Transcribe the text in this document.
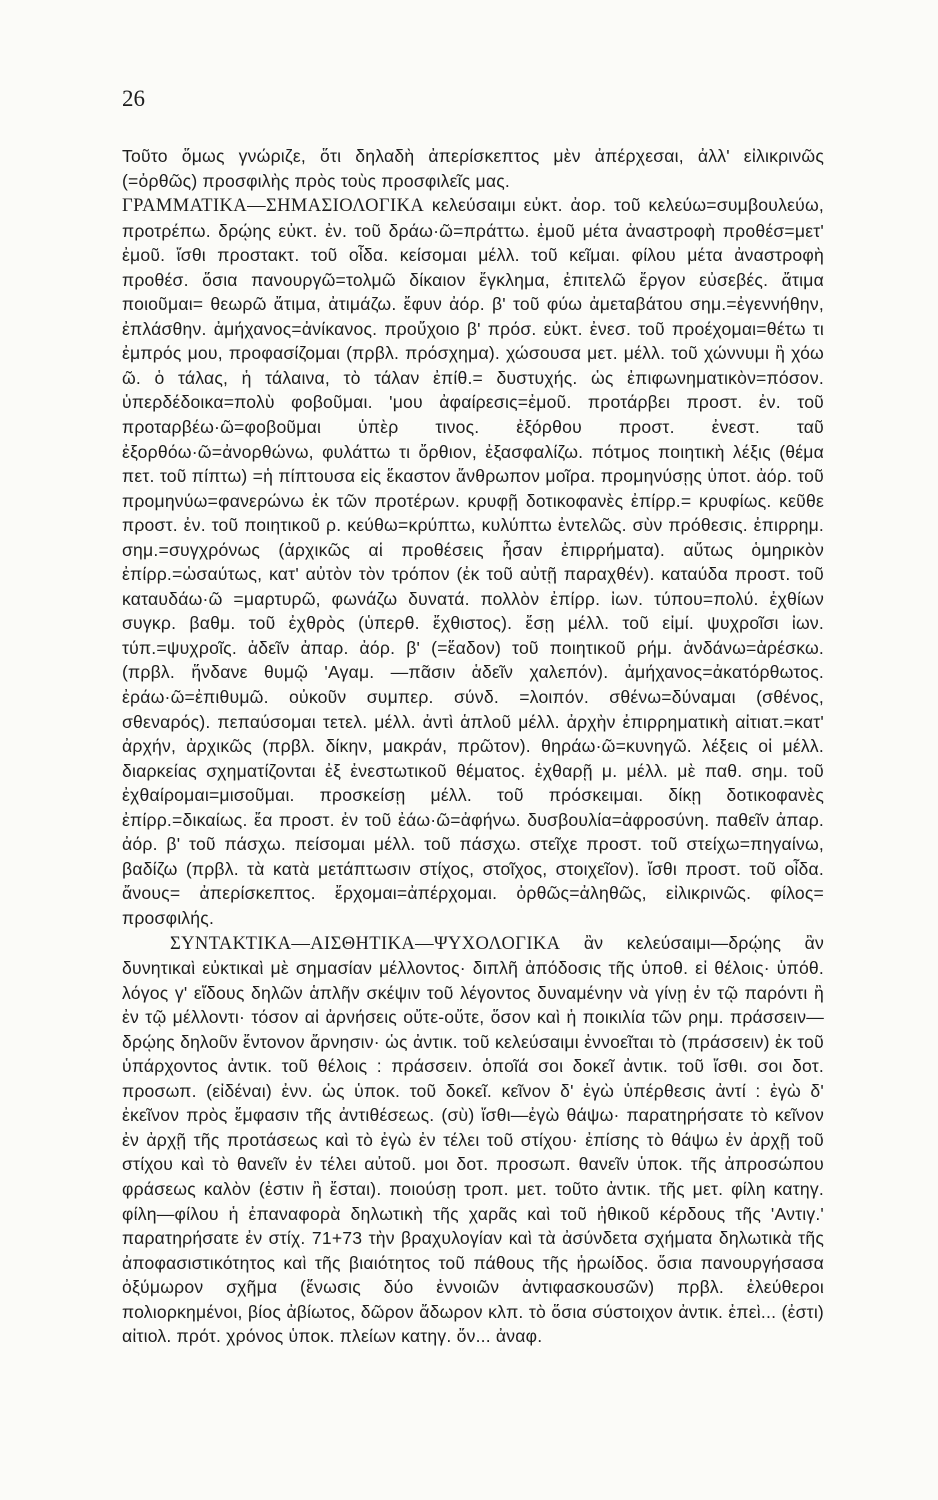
26

Τοῦτο ὅμως γνώριζε, ὅτι δηλαδὴ ἀπερίσκεπτος μὲν ἀπέρχεσαι, ἀλλ' εἰλικρινῶς (=ὀρθῶς) προσφιλὴς πρὸς τοὺς προσφιλεῖς μας.
ΓΡΑΜΜΑΤΙΚΑ—ΣΗΜΑΣΙΟΛΟΓΙΚΑ κελεύσαιμι εὐκτ. ἀορ. τοῦ κελεύω=συμβουλεύω, προτρέπω. δρῴης εὐκτ. ἐν. τοῦ δράω·ῶ=πράττω. ἐμοῦ μέτα ἀναστροφὴ προθέσ=μετ' ἐμοῦ. ἴσθι προστακτ. τοῦ οἶδα. κείσομαι μέλλ. τοῦ κεῖμαι. φίλου μέτα ἀναστροφὴ προθέσ. ὅσια πανουργῶ=τολμῶ δίκαιον ἔγκλημα, ἐπιτελῶ ἔργον εὐσεβές. ἄτιμα ποιοῦμαι= θεωρῶ ἄτιμα, ἀτιμάζω. ἔφυν ἀόρ. β' τοῦ φύω ἀμεταβάτου σημ.=ἐγεννήθην, ἐπλάσθην. ἀμήχανος=ἀνίκανος. προὔχοιο β' πρόσ. εὐκτ. ἐνεσ. τοῦ προέχομαι=θέτω τι ἐμπρός μου, προφασίζομαι (πρβλ. πρόσχημα). χώσουσα μετ. μέλλ. τοῦ χώννυμι ἢ χόω ῶ. ὁ τάλας, ἡ τάλαινα, τὸ τάλαν ἐπίθ.= δυστυχής. ὡς ἐπιφωνηματικὸν=πόσον. ὑπερδέδοικα=πολὺ φοβοῦμαι. 'μου ἀφαίρεσις=ἐμοῦ. προτάρβει προστ. ἐν. τοῦ προταρβέω·ῶ=φοβοῦμαι ὑπὲρ τινος. ἐξόρθου προστ. ἐνεστ. ταῦ ἐξορθόω·ῶ=ἀνορθώνω, φυλάττω τι ὄρθιον, ἐξασφαλίζω. πότμος ποιητικὴ λέξις (θέμα πετ. τοῦ πίπτω) =ἡ πίπτουσα εἰς ἕκαστον ἄνθρωπον μοῖρα. προμηνύσῃς ὑποτ. ἀόρ. τοῦ προμηνύω=φανερώνω ἐκ τῶν προτέρων. κρυφῇ δοτικοφανὲς ἐπίρρ.= κρυφίως. κεῦθε προστ. ἐν. τοῦ ποιητικοῦ ρ. κεύθω=κρύπτω, κυλύπτω ἐντελῶς. σὺν πρόθεσις. ἐπιρρημ. σημ.=συγχρόνως (ἀρχικῶς αἱ προθέσεις ἦσαν ἐπιρρήματα). αὔτως ὁμηρικὸν ἐπίρρ.=ὡσαύτως, κατ' αὐτὸν τὸν τρόπον (ἐκ τοῦ αὐτῇ παραχθέν). καταύδα προστ. τοῦ καταυδάω·ῶ =μαρτυρῶ, φωνάζω δυνατά. πολλὸν ἐπίρρ. ἰων. τύπου=πολύ. ἐχθίων συγκρ. βαθμ. τοῦ ἐχθρὸς (ὑπερθ. ἔχθιστος). ἔσῃ μέλλ. τοῦ εἰμί. ψυχροῖσι ἰων. τύπ.=ψυχροῖς. ἁδεῖν ἀπαρ. ἀόρ. β' (=ἕαδον) τοῦ ποιητικοῦ ρήμ. ἁνδάνω=ἀρέσκω. (πρβλ. ἥνδανε θυμῷ 'Αγαμ. —πᾶσιν ἁδεῖν χαλεπόν). ἀμήχανος=ἀκατόρθωτος. ἐράω·ῶ=ἐπιθυμῶ. οὐκοῦν συμπερ. σύνδ. =λοιπόν. σθένω=δύναμαι (σθένος, σθεναρός). πεπαύσομαι τετελ. μέλλ. ἀντὶ ἁπλοῦ μέλλ. ἀρχὴν ἐπιρρηματικὴ αἰτιατ.=κατ' ἀρχήν, ἀρχικῶς (πρβλ. δίκην, μακράν, πρῶτον). θηράω·ῶ=κυνηγῶ. λέξεις οἱ μέλλ. διαρκείας σχηματίζονται ἐξ ἐνεστωτικοῦ θέματος. ἐχθαρῇ μ. μέλλ. μὲ παθ. σημ. τοῦ ἐχθαίρομαι=μισοῦμαι. προσκείσῃ μέλλ. τοῦ πρόσκειμαι. δίκῃ δοτικοφανὲς ἐπίρρ.=δικαίως. ἔα προστ. ἐν τοῦ ἐάω·ῶ=ἀφήνω. δυσβουλία=ἀφροσύνη. παθεῖν ἀπαρ. ἀόρ. β' τοῦ πάσχω. πείσομαι μέλλ. τοῦ πάσχω. στεῖχε προστ. τοῦ στείχω=πηγαίνω, βαδίζω (πρβλ. τὰ κατὰ μετάπτωσιν στίχος, στοῖχος, στοιχεῖον). ἴσθι προστ. τοῦ οἶδα. ἄνους= ἀπερίσκεπτος. ἔρχομαι=ἀπέρχομαι. ὀρθῶς=ἀληθῶς, εἰλικρινῶς. φίλος= προσφιλής.

ΣΥΝΤΑΚΤΙΚΑ—ΑΙΣΘΗΤΙΚΑ—ΨΥΧΟΛΟΓΙΚΑ ἂν κελεύσαιμι—δρῴης ἂν δυνητικαὶ εὐκτικαὶ μὲ σημασίαν μέλλοντος· διπλῆ ἀπόδοσις τῆς ὑποθ. εἰ θέλοις· ὑπόθ. λόγος γ' εἴδους δηλῶν ἁπλῆν σκέψιν τοῦ λέγοντος δυναμένην νὰ γίνῃ ἐν τῷ παρόντι ἢ ἐν τῷ μέλλοντι· τόσον αἱ ἀρνήσεις οὔτε-οὔτε, ὅσον καὶ ἡ ποικιλία τῶν ρημ. πράσσειν—δρῴης δηλοῦν ἔντονον ἄρνησιν· ὡς ἀντικ. τοῦ κελεύσαιμι ἐννοεῖται τὸ (πράσσειν) ἐκ τοῦ ὑπάρχοντος ἀντικ. τοῦ θέλοις : πράσσειν. ὁποῖά σοι δοκεῖ ἀντικ. τοῦ ἴσθι. σοι δοτ. προσωπ. (εἰδέναι) ἐνν. ὡς ὑποκ. τοῦ δοκεῖ. κεῖνον δ' ἐγὼ ὑπέρθεσις ἀντί : ἐγὼ δ' ἐκεῖνον πρὸς ἔμφασιν τῆς ἀντιθέσεως. (σὺ) ἴσθι—ἐγὼ θάψω· παρατηρήσατε τὸ κεῖνον ἐν ἀρχῇ τῆς προτάσεως καὶ τὸ ἐγὼ ἐν τέλει τοῦ στίχου· ἐπίσης τὸ θάψω ἐν ἀρχῇ τοῦ στίχου καὶ τὸ θανεῖν ἐν τέλει αὐτοῦ. μοι δοτ. προσωπ. θανεῖν ὑποκ. τῆς ἀπροσώπου φράσεως καλὸν (ἐστιν ἢ ἔσται). ποιούσῃ τροπ. μετ. τοῦτο ἀντικ. τῆς μετ. φίλη κατηγ. φίλη—φίλου ἡ ἐπαναφορὰ δηλωτικὴ τῆς χαρᾶς καὶ τοῦ ἠθικοῦ κέρδους τῆς 'Αντιγ.' παρατηρήσατε ἐν στίχ. 71+73 τὴν βραχυλογίαν καὶ τὰ ἀσύνδετα σχήματα δηλωτικὰ τῆς ἀποφασιστικότητος καὶ τῆς βιαιότητος τοῦ πάθους τῆς ἡρωίδος. ὅσια πανουργήσασα ὀξύμωρον σχῆμα (ἕνωσις δύο ἐννοιῶν ἀντιφασκουσῶν) πρβλ. ἐλεύθεροι πολιορκημένοι, βίος ἀβίωτος, δῶρον ἄδωρον κλπ. τὸ ὅσια σύστοιχον ἀντικ. ἐπεὶ... (ἐστι) αἰτιολ. πρότ. χρόνος ὑποκ. πλείων κατηγ. ὄν... ἀναφ.
